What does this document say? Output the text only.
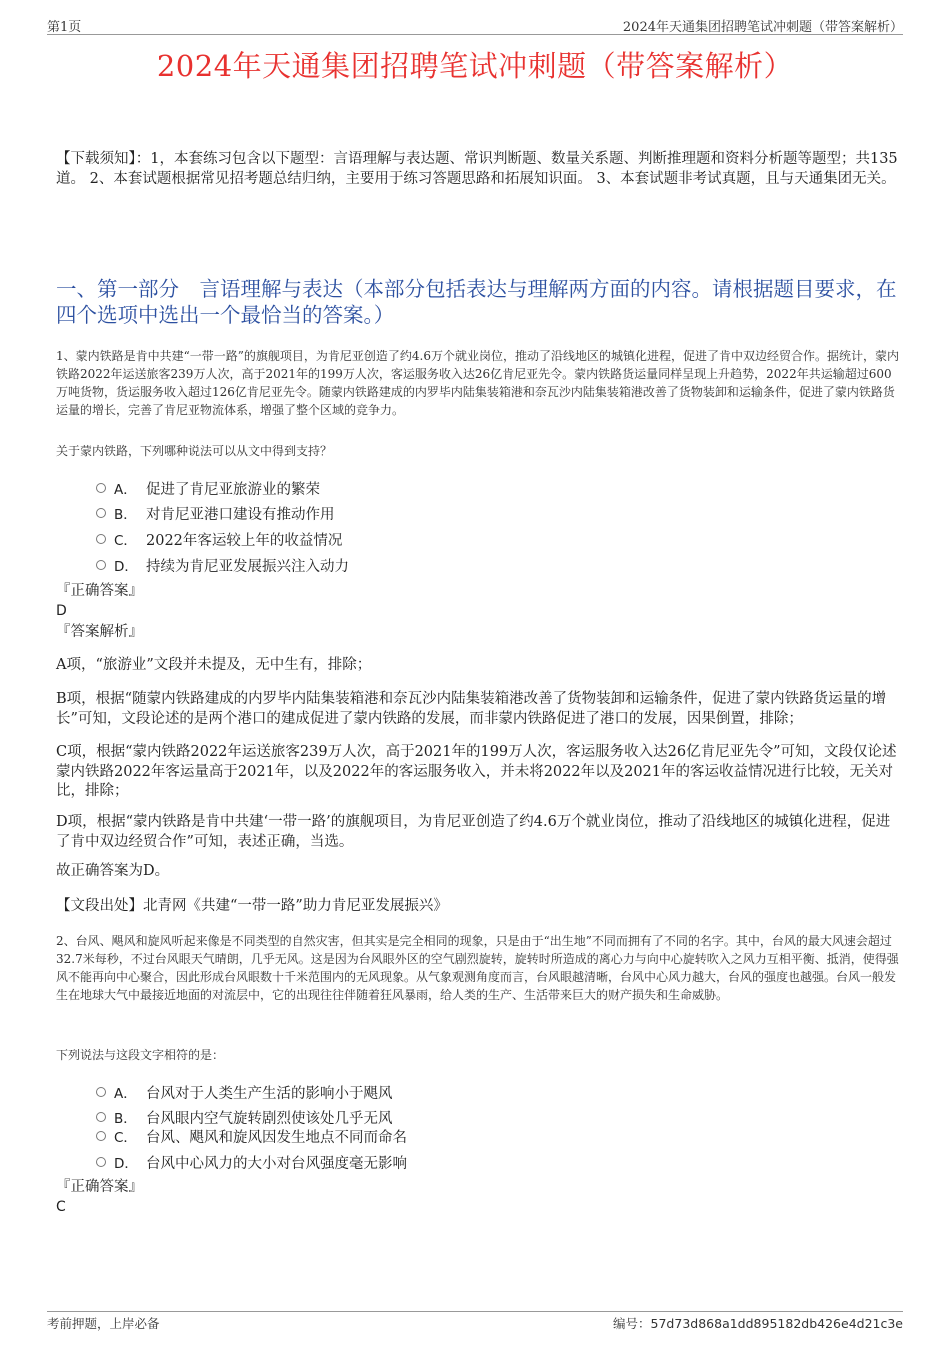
第1页	2024年天通集团招聘笔试冲刺题（带答案解析）
2024年天通集团招聘笔试冲刺题（带答案解析）
【下载须知】：1，本套练习包含以下题型：言语理解与表达题、常识判断题、数量关系题、判断推理题和资料分析题等题型；共135道。 2、本套试题根据常见招考题总结归纳，主要用于练习答题思路和拓展知识面。 3、本套试题非考试真题，且与天通集团无关。
一、第一部分　言语理解与表达（本部分包括表达与理解两方面的内容。请根据题目要求，在四个选项中选出一个最恰当的答案。）
1、蒙内铁路是肯中共建“一带一路”的旗舰项目，为肯尼亚创造了约4.6万个就业岗位，推动了沿线地区的城镇化进程，促进了肯中双边经贸合作。据统计，蒙内铁路2022年运送旅客239万人次，高于2021年的199万人次，客运服务收入达26亿肯尼亚先令。蒙内铁路货运量同样呈现上升趋势，2022年共运输超过600万吨货物，货运服务收入超过126亿肯尼亚先令。随蒙内铁路建成的内罗毕内陆集装箱港和奈瓦沙内陆集装箱港改善了货物装卸和运输条件，促进了蒙内铁路货运量的增长，完善了肯尼亚物流体系，增强了整个区域的竞争力。
关于蒙内铁路，下列哪种说法可以从文中得到支持？
A． 促进了肯尼亚旅游业的繁荣
B． 对肯尼亚港口建设有推动作用
C． 2022年客运较上年的收益情况
D． 持续为肯尼亚发展振兴注入动力
『正确答案』
D
『答案解析』
A项，“旅游业”文段并未提及，无中生有，排除；
B项，根据“随蒙内铁路建成的内罗毕内陆集装箱港和奈瓦沙内陆集装箱港改善了货物装卸和运输条件，促进了蒙内铁路货运量的增长”可知，文段论述的是两个港口的建成促进了蒙内铁路的发展，而非蒙内铁路促进了港口的发展，因果倒置，排除；
C项，根据“蒙内铁路2022年运送旅客239万人次，高于2021年的199万人次，客运服务收入达26亿肯尼亚先令”可知，文段仅论述蒙内铁路2022年客运量高于2021年，以及2022年的客运服务收入，并未将2022年以及2021年的客运收益情况进行比较，无关对比，排除；
D项，根据“蒙内铁路是肯中共建‘一带一路’的旗舰项目，为肯尼亚创造了约4.6万个就业岗位，推动了沿线地区的城镇化进程，促进了肯中双边经贸合作”可知，表述正确，当选。
故正确答案为D。
【文段出处】北青网《共建“一带一路”助力肯尼亚发展振兴》
2、台风、飓风和旋风听起来像是不同类型的自然灾害，但其实是完全相同的现象，只是由于“出生地”不同而拥有了不同的名字。其中，台风的最大风速会超过32.7米每秒，不过台风眼天气晴朗，几乎无风。这是因为台风眼外区的空气剧烈旋转，旋转时所造成的离心力与向中心旋转吹入之风力互相平衡、抵消，使得强风不能再向中心聚合，因此形成台风眼数十千米范围内的无风现象。从气象观测角度而言，台风眼越清晰，台风中心风力越大，台风的强度也越强。台风一般发生在地球大气中最接近地面的对流层中，它的出现往往伴随着狂风暴雨，给人类的生产、生活带来巨大的财产损失和生命威胁。
下列说法与这段文字相符的是：
A． 台风对于人类生产生活的影响小于飓风
B． 台风眼内空气旋转剧烈使该处几乎无风
C． 台风、飓风和旋风因发生地点不同而命名
D． 台风中心风力的大小对台风强度毫无影响
『正确答案』
C
考前押题，上岸必备	编号：57d73d868a1dd895182db426e4d21c3e
